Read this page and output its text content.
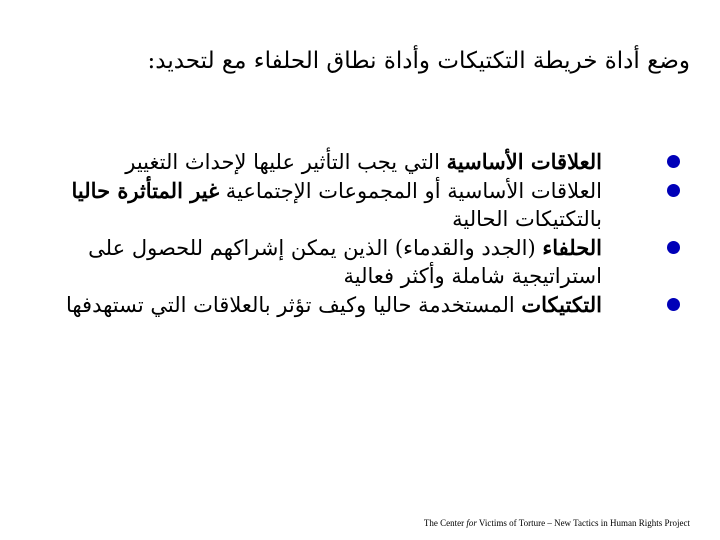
وضع أداة خريطة التكتيكات وأداة نطاق الحلفاء مع لتحديد:
العلاقات الأساسية التي يجب التأثير عليها لإحداث التغيير
العلاقات الأساسية أو المجموعات الإجتماعية غير المتأثرة حاليا بالتكتيكات الحالية
الحلفاء (الجدد والقدماء) الذين يمكن إشراكهم للحصول على استراتيجية شاملة وأكثر فعالية
التكتيكات المستخدمة حاليا وكيف تؤثر بالعلاقات التي تستهدفها
The Center for Victims of Torture – New Tactics in Human Rights Project
